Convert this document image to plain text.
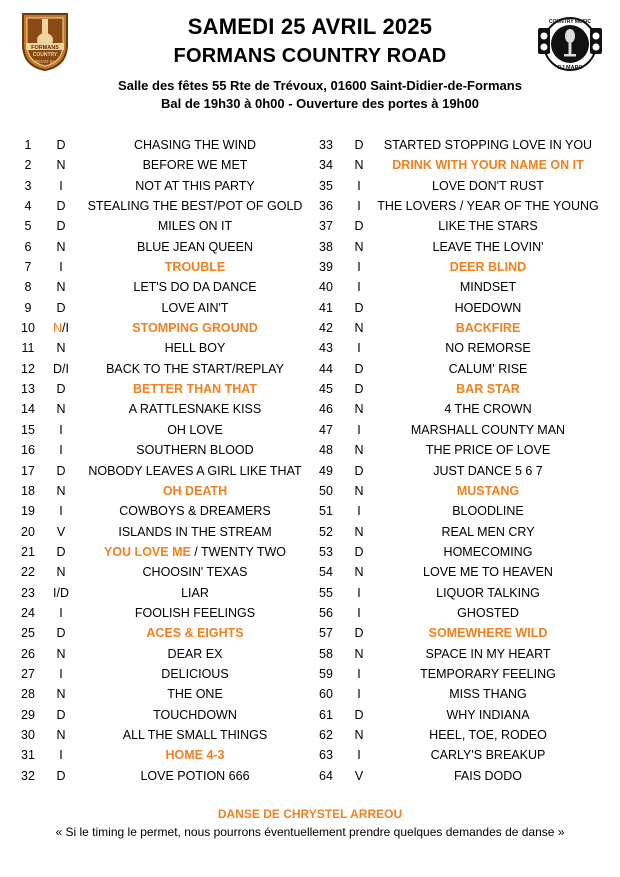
FORMANS
COUNTRY
ROAD 01
COUNTRY MUSIC
DJ MARC
SAMEDI 25 AVRIL 2025
FORMANS COUNTRY ROAD
Salle des fêtes 55 Rte de Trévoux, 01600 Saint-Didier-de-Formans
Bal de 19h30 à 0h00 - Ouverture des portes à 19h00
1	D	CHASING THE WIND
2	N	BEFORE WE MET
3	I	NOT AT THIS PARTY
4	D	STEALING THE BEST/POT OF GOLD
5	D	MILES ON IT
6	N	BLUE JEAN QUEEN
7	I	TROUBLE
8	N	LET'S DO DA DANCE
9	D	LOVE AIN'T
10	N/I	STOMPING GROUND
11	N	HELL BOY
12	D/I	BACK TO THE START/REPLAY
13	D	BETTER THAN THAT
14	N	A RATTLESNAKE KISS
15	I	OH LOVE
16	I	SOUTHERN BLOOD
17	D	NOBODY LEAVES A GIRL LIKE THAT
18	N	OH DEATH
19	I	COWBOYS & DREAMERS
20	V	ISLANDS IN THE STREAM
21	D	YOU LOVE ME / TWENTY TWO
22	N	CHOOSIN' TEXAS
23	I/D	LIAR
24	I	FOOLISH FEELINGS
25	D	ACES & EIGHTS
26	N	DEAR EX
27	I	DELICIOUS
28	N	THE ONE
29	D	TOUCHDOWN
30	N	ALL THE SMALL THINGS
31	I	HOME 4-3
32	D	LOVE POTION 666
33	D	STARTED STOPPING LOVE IN YOU
34	N	DRINK WITH YOUR NAME ON IT
35	I	LOVE DON'T RUST
36	I	THE LOVERS / YEAR OF THE YOUNG
37	D	LIKE THE STARS
38	N	LEAVE THE LOVIN'
39	I	DEER BLIND
40	I	MINDSET
41	D	HOEDOWN
42	N	BACKFIRE
43	I	NO REMORSE
44	D	CALUM' RISE
45	D	BAR STAR
46	N	4 THE CROWN
47	I	MARSHALL COUNTY MAN
48	N	THE PRICE OF LOVE
49	D	JUST DANCE 5 6 7
50	N	MUSTANG
51	I	BLOODLINE
52	N	REAL MEN CRY
53	D	HOMECOMING
54	N	LOVE ME TO HEAVEN
55	I	LIQUOR TALKING
56	I	GHOSTED
57	D	SOMEWHERE WILD
58	N	SPACE IN MY HEART
59	I	TEMPORARY FEELING
60	I	MISS THANG
61	D	WHY INDIANA
62	N	HEEL, TOE, RODEO
63	I	CARLY'S BREAKUP
64	V	FAIS DODO
DANSE DE CHRYSTEL ARREOU
« Si le timing le permet, nous pourrons éventuellement prendre quelques demandes de danse »
